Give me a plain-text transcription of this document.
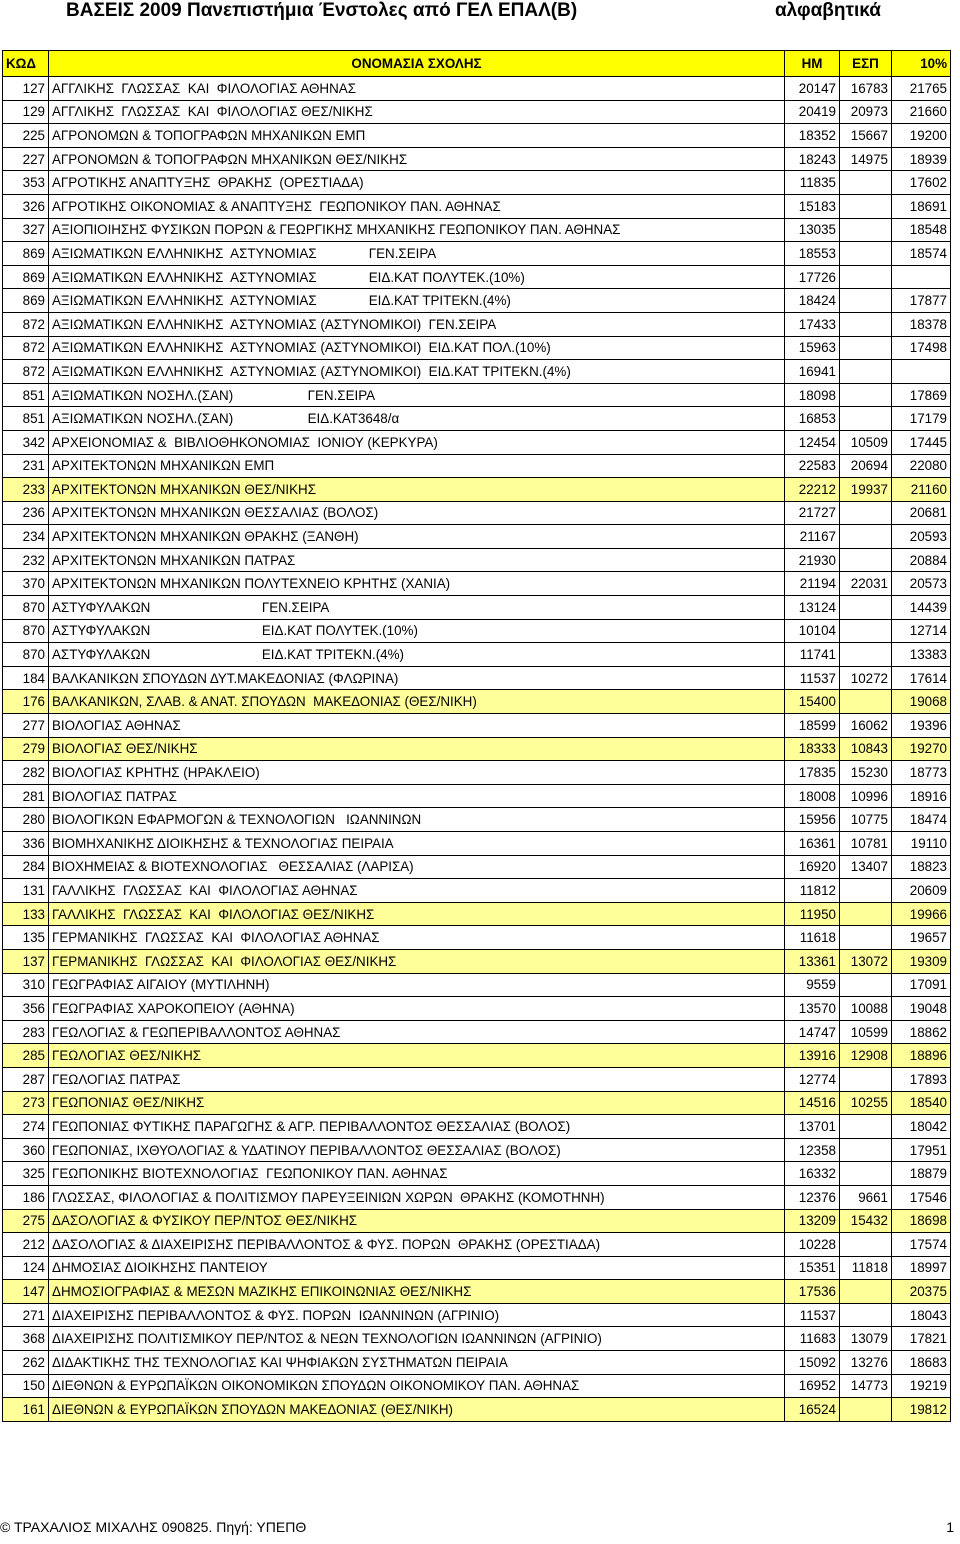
ΒΑΣΕΙΣ 2009 Πανεπιστήμια Ένστολες από ΓΕΛ ΕΠΑΛ(Β)	αλφαβητικά
ΚΩΔ	ΟΝΟΜΑΣΙΑ ΣΧΟΛΗΣ	ΗΜ	ΕΣΠ	10%
127	ΑΓΓΛΙΚΗΣ  ΓΛΩΣΣΑΣ  ΚΑΙ  ΦΙΛΟΛΟΓΙΑΣ ΑΘΗΝΑΣ	20147	16783	21765
129	ΑΓΓΛΙΚΗΣ  ΓΛΩΣΣΑΣ  ΚΑΙ  ΦΙΛΟΛΟΓΙΑΣ ΘΕΣ/ΝΙΚΗΣ	20419	20973	21660
225	ΑΓΡΟΝΟΜΩΝ & ΤΟΠΟΓΡΑΦΩΝ ΜΗΧΑΝΙΚΩΝ ΕΜΠ	18352	15667	19200
227	ΑΓΡΟΝΟΜΩΝ & ΤΟΠΟΓΡΑΦΩΝ ΜΗΧΑΝΙΚΩΝ ΘΕΣ/ΝΙΚΗΣ	18243	14975	18939
353	ΑΓΡΟΤΙΚΗΣ ΑΝΑΠΤΥΞΗΣ  ΘΡΑΚΗΣ  (ΟΡΕΣΤΙΑΔΑ)	11835		17602
326	ΑΓΡΟΤΙΚΗΣ ΟΙΚΟΝΟΜΙΑΣ & ΑΝΑΠΤΥΞΗΣ  ΓΕΩΠΟΝΙΚΟΥ ΠΑΝ. ΑΘΗΝΑΣ	15183		18691
327	ΑΞΙΟΠΙΟΙΗΣΗΣ ΦΥΣΙΚΩΝ ΠΟΡΩΝ & ΓΕΩΡΓΙΚΗΣ ΜΗΧΑΝΙΚΗΣ ΓΕΩΠΟΝΙΚΟΥ ΠΑΝ. ΑΘΗΝΑΣ	13035		18548
869	ΑΞΙΩΜΑΤΙΚΩΝ ΕΛΛΗΝΙΚΗΣ  ΑΣΤΥΝΟΜΙΑΣ              ΓΕΝ.ΣΕΙΡΑ	18553		18574
869	ΑΞΙΩΜΑΤΙΚΩΝ ΕΛΛΗΝΙΚΗΣ  ΑΣΤΥΝΟΜΙΑΣ              ΕΙΔ.ΚΑΤ ΠΟΛΥΤΕΚ.(10%)	17726		
869	ΑΞΙΩΜΑΤΙΚΩΝ ΕΛΛΗΝΙΚΗΣ  ΑΣΤΥΝΟΜΙΑΣ              ΕΙΔ.ΚΑΤ ΤΡΙΤΕΚΝ.(4%)	18424		17877
872	ΑΞΙΩΜΑΤΙΚΩΝ ΕΛΛΗΝΙΚΗΣ  ΑΣΤΥΝΟΜΙΑΣ (ΑΣΤΥΝΟΜΙΚΟΙ)  ΓΕΝ.ΣΕΙΡΑ	17433		18378
872	ΑΞΙΩΜΑΤΙΚΩΝ ΕΛΛΗΝΙΚΗΣ  ΑΣΤΥΝΟΜΙΑΣ (ΑΣΤΥΝΟΜΙΚΟΙ)  ΕΙΔ.ΚΑΤ ΠΟΛ.(10%)	15963		17498
872	ΑΞΙΩΜΑΤΙΚΩΝ ΕΛΛΗΝΙΚΗΣ  ΑΣΤΥΝΟΜΙΑΣ (ΑΣΤΥΝΟΜΙΚΟΙ)  ΕΙΔ.ΚΑΤ ΤΡΙΤΕΚΝ.(4%)	16941		
851	ΑΞΙΩΜΑΤΙΚΩΝ ΝΟΣΗΛ.(ΣΑΝ)                    ΓΕΝ.ΣΕΙΡΑ	18098		17869
851	ΑΞΙΩΜΑΤΙΚΩΝ ΝΟΣΗΛ.(ΣΑΝ)                    ΕΙΔ.ΚΑΤ3648/α	16853		17179
342	ΑΡΧΕΙΟΝΟΜΙΑΣ &  ΒΙΒΛΙΟΘΗΚΟΝΟΜΙΑΣ  ΙΟΝΙΟΥ (ΚΕΡΚΥΡΑ)	12454	10509	17445
231	ΑΡΧΙΤΕΚΤΟΝΩΝ ΜΗΧΑΝΙΚΩΝ ΕΜΠ	22583	20694	22080
233	ΑΡΧΙΤΕΚΤΟΝΩΝ ΜΗΧΑΝΙΚΩΝ ΘΕΣ/ΝΙΚΗΣ	22212	19937	21160
236	ΑΡΧΙΤΕΚΤΟΝΩΝ ΜΗΧΑΝΙΚΩΝ ΘΕΣΣΑΛΙΑΣ (ΒΟΛΟΣ)	21727		20681
234	ΑΡΧΙΤΕΚΤΟΝΩΝ ΜΗΧΑΝΙΚΩΝ ΘΡΑΚΗΣ (ΞΑΝΘΗ)	21167		20593
232	ΑΡΧΙΤΕΚΤΟΝΩΝ ΜΗΧΑΝΙΚΩΝ ΠΑΤΡΑΣ	21930		20884
370	ΑΡΧΙΤΕΚΤΟΝΩΝ ΜΗΧΑΝΙΚΩΝ ΠΟΛΥΤΕΧΝΕΙΟ ΚΡΗΤΗΣ (ΧΑΝΙΑ)	21194	22031	20573
870	ΑΣΤΥΦΥΛΑΚΩΝ                              ΓΕΝ.ΣΕΙΡΑ	13124		14439
870	ΑΣΤΥΦΥΛΑΚΩΝ                              ΕΙΔ.ΚΑΤ ΠΟΛΥΤΕΚ.(10%)	10104		12714
870	ΑΣΤΥΦΥΛΑΚΩΝ                              ΕΙΔ.ΚΑΤ ΤΡΙΤΕΚΝ.(4%)	11741		13383
184	ΒΑΛΚΑΝΙΚΩΝ ΣΠΟΥΔΩΝ ΔΥΤ.ΜΑΚΕΔΟΝΙΑΣ (ΦΛΩΡΙΝΑ)	11537	10272	17614
176	ΒΑΛΚΑΝΙΚΩΝ, ΣΛΑΒ. & ΑΝΑΤ. ΣΠΟΥΔΩΝ  ΜΑΚΕΔΟΝΙΑΣ (ΘΕΣ/ΝΙΚΗ)	15400		19068
277	ΒΙΟΛΟΓΙΑΣ ΑΘΗΝΑΣ	18599	16062	19396
279	ΒΙΟΛΟΓΙΑΣ ΘΕΣ/ΝΙΚΗΣ	18333	10843	19270
282	ΒΙΟΛΟΓΙΑΣ ΚΡΗΤΗΣ (ΗΡΑΚΛΕΙΟ)	17835	15230	18773
281	ΒΙΟΛΟΓΙΑΣ ΠΑΤΡΑΣ	18008	10996	18916
280	ΒΙΟΛΟΓΙΚΩΝ ΕΦΑΡΜΟΓΩΝ & ΤΕΧΝΟΛΟΓΙΩΝ   ΙΩΑΝΝΙΝΩΝ	15956	10775	18474
336	ΒΙΟΜΗΧΑΝΙΚΗΣ ΔΙΟΙΚΗΣΗΣ & ΤΕΧΝΟΛΟΓΙΑΣ ΠΕΙΡΑΙΑ	16361	10781	19110
284	ΒΙΟΧΗΜΕΙΑΣ & ΒΙΟΤΕΧΝΟΛΟΓΙΑΣ   ΘΕΣΣΑΛΙΑΣ (ΛΑΡΙΣΑ)	16920	13407	18823
131	ΓΑΛΛΙΚΗΣ  ΓΛΩΣΣΑΣ  ΚΑΙ  ΦΙΛΟΛΟΓΙΑΣ ΑΘΗΝΑΣ	11812		20609
133	ΓΑΛΛΙΚΗΣ  ΓΛΩΣΣΑΣ  ΚΑΙ  ΦΙΛΟΛΟΓΙΑΣ ΘΕΣ/ΝΙΚΗΣ	11950		19966
135	ΓΕΡΜΑΝΙΚΗΣ  ΓΛΩΣΣΑΣ  ΚΑΙ  ΦΙΛΟΛΟΓΙΑΣ ΑΘΗΝΑΣ	11618		19657
137	ΓΕΡΜΑΝΙΚΗΣ  ΓΛΩΣΣΑΣ  ΚΑΙ  ΦΙΛΟΛΟΓΙΑΣ ΘΕΣ/ΝΙΚΗΣ	13361	13072	19309
310	ΓΕΩΓΡΑΦΙΑΣ ΑΙΓΑΙΟΥ (ΜΥΤΙΛΗΝΗ)	9559		17091
356	ΓΕΩΓΡΑΦΙΑΣ ΧΑΡΟΚΟΠΕΙΟΥ (ΑΘΗΝΑ)	13570	10088	19048
283	ΓΕΩΛΟΓΙΑΣ & ΓΕΩΠΕΡΙΒΑΛΛΟΝΤΟΣ ΑΘΗΝΑΣ	14747	10599	18862
285	ΓΕΩΛΟΓΙΑΣ ΘΕΣ/ΝΙΚΗΣ	13916	12908	18896
287	ΓΕΩΛΟΓΙΑΣ ΠΑΤΡΑΣ	12774		17893
273	ΓΕΩΠΟΝΙΑΣ ΘΕΣ/ΝΙΚΗΣ	14516	10255	18540
274	ΓΕΩΠΟΝΙΑΣ ΦΥΤΙΚΗΣ ΠΑΡΑΓΩΓΗΣ & ΑΓΡ. ΠΕΡΙΒΑΛΛΟΝΤΟΣ ΘΕΣΣΑΛΙΑΣ (ΒΟΛΟΣ)	13701		18042
360	ΓΕΩΠΟΝΙΑΣ, ΙΧΘΥΟΛΟΓΙΑΣ & ΥΔΑΤΙΝΟΥ ΠΕΡΙΒΑΛΛΟΝΤΟΣ ΘΕΣΣΑΛΙΑΣ (ΒΟΛΟΣ)	12358		17951
325	ΓΕΩΠΟΝΙΚΗΣ ΒΙΟΤΕΧΝΟΛΟΓΙΑΣ  ΓΕΩΠΟΝΙΚΟΥ ΠΑΝ. ΑΘΗΝΑΣ	16332		18879
186	ΓΛΩΣΣΑΣ, ΦΙΛΟΛΟΓΙΑΣ & ΠΟΛΙΤΙΣΜΟΥ ΠΑΡΕΥΞΕΙΝΙΩΝ ΧΩΡΩΝ  ΘΡΑΚΗΣ (ΚΟΜΟΤΗΝΗ)	12376	9661	17546
275	ΔΑΣΟΛΟΓΙΑΣ & ΦΥΣΙΚΟΥ ΠΕΡ/ΝΤΟΣ ΘΕΣ/ΝΙΚΗΣ	13209	15432	18698
212	ΔΑΣΟΛΟΓΙΑΣ & ΔΙΑΧΕΙΡΙΣΗΣ ΠΕΡΙΒΑΛΛΟΝΤΟΣ & ΦΥΣ. ΠΟΡΩΝ  ΘΡΑΚΗΣ (ΟΡΕΣΤΙΑΔΑ)	10228		17574
124	ΔΗΜΟΣΙΑΣ ΔΙΟΙΚΗΣΗΣ ΠΑΝΤΕΙΟΥ	15351	11818	18997
147	ΔΗΜΟΣΙΟΓΡΑΦΙΑΣ & ΜΕΣΩΝ ΜΑΖΙΚΗΣ ΕΠΙΚΟΙΝΩΝΙΑΣ ΘΕΣ/ΝΙΚΗΣ	17536		20375
271	ΔΙΑΧΕΙΡΙΣΗΣ ΠΕΡΙΒΑΛΛΟΝΤΟΣ & ΦΥΣ. ΠΟΡΩΝ  ΙΩΑΝΝΙΝΩΝ (ΑΓΡΙΝΙΟ)	11537		18043
368	ΔΙΑΧΕΙΡΙΣΗΣ ΠΟΛΙΤΙΣΜΙΚΟΥ ΠΕΡ/ΝΤΟΣ & ΝΕΩΝ ΤΕΧΝΟΛΟΓΙΩΝ ΙΩΑΝΝΙΝΩΝ (ΑΓΡΙΝΙΟ)	11683	13079	17821
262	ΔΙΔΑΚΤΙΚΗΣ ΤΗΣ ΤΕΧΝΟΛΟΓΙΑΣ ΚΑΙ ΨΗΦΙΑΚΩΝ ΣΥΣΤΗΜΑΤΩΝ ΠΕΙΡΑΙΑ	15092	13276	18683
150	ΔΙΕΘΝΩΝ & ΕΥΡΩΠΑΪΚΩΝ ΟΙΚΟΝΟΜΙΚΩΝ ΣΠΟΥΔΩΝ ΟΙΚΟΝΟΜΙΚΟΥ ΠΑΝ. ΑΘΗΝΑΣ	16952	14773	19219
161	ΔΙΕΘΝΩΝ & ΕΥΡΩΠΑΪΚΩΝ ΣΠΟΥΔΩΝ ΜΑΚΕΔΟΝΙΑΣ (ΘΕΣ/ΝΙΚΗ)	16524		19812
© ΤΡΑΧΑΛΙΟΣ ΜΙΧΑΛΗΣ 090825. Πηγή: ΥΠΕΠΘ	1
